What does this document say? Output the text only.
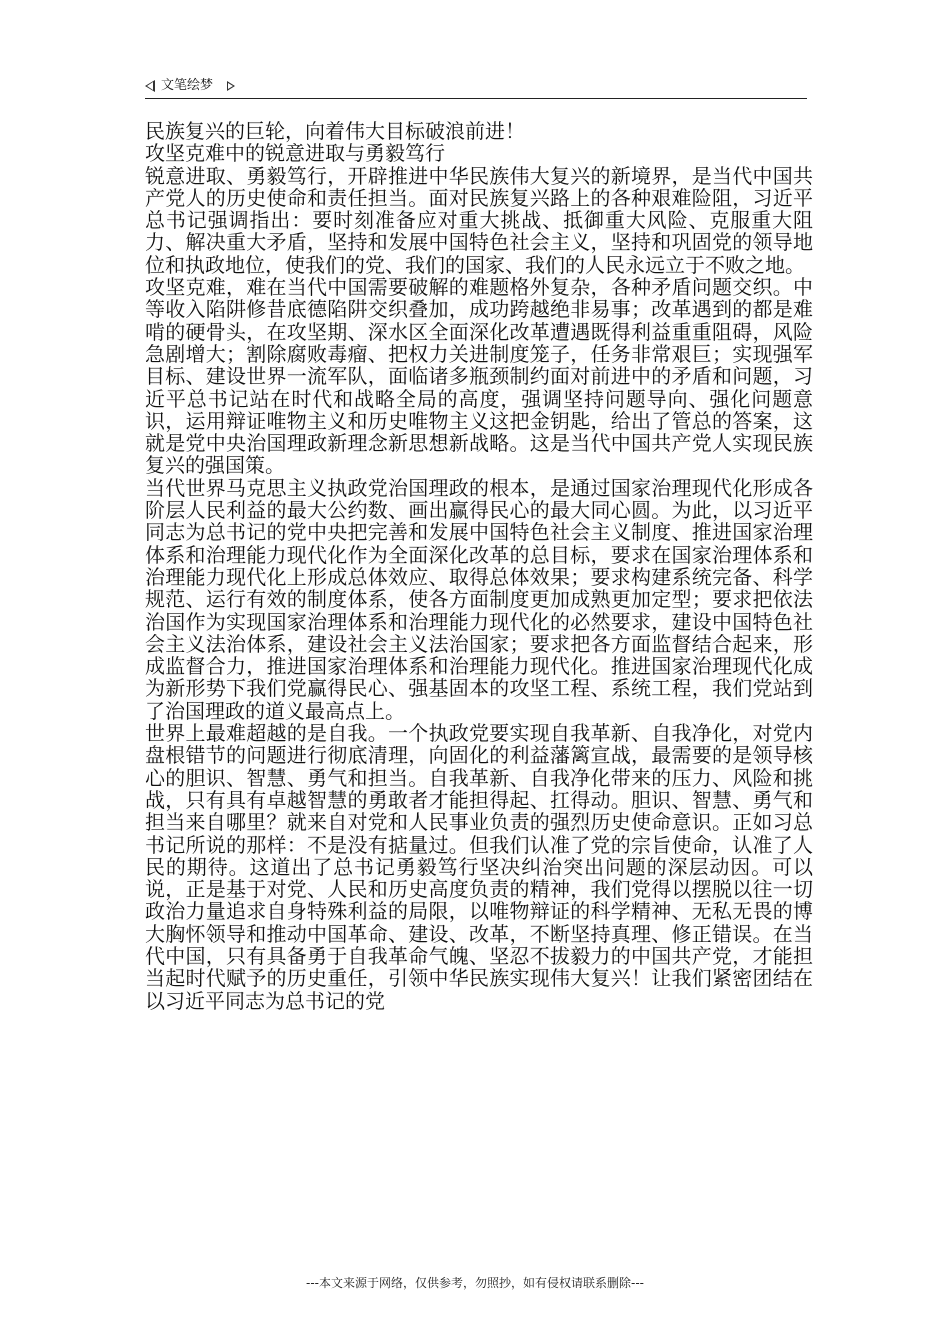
文笔绘梦

民族复兴的巨轮，向着伟大目标破浪前进！

攻坚克难中的锐意进取与勇毅笃行

锐意进取、勇毅笃行，开辟推进中华民族伟大复兴的新境界，是当代中国共产党人的历史使命和责任担当。面对民族复兴路上的各种艰难险阻，习近平总书记强调指出：要时刻准备应对重大挑战、抵御重大风险、克服重大阻力、解决重大矛盾，坚持和发展中国特色社会主义，坚持和巩固党的领导地位和执政地位，使我们的党、我们的国家、我们的人民永远立于不败之地。

攻坚克难，难在当代中国需要破解的难题格外复杂，各种矛盾问题交织。中等收入陷阱修昔底德陷阱交织叠加，成功跨越绝非易事；改革遇到的都是难啃的硬骨头，在攻坚期、深水区全面深化改革遭遇既得利益重重阻碍，风险急剧增大；割除腐败毒瘤、把权力关进制度笼子，任务非常艰巨；实现强军目标、建设世界一流军队，面临诸多瓶颈制约面对前进中的矛盾和问题，习近平总书记站在时代和战略全局的高度，强调坚持问题导向、强化问题意识，运用辩证唯物主义和历史唯物主义这把金钥匙，给出了管总的答案，这就是党中央治国理政新理念新思想新战略。这是当代中国共产党人实现民族复兴的强国策。

当代世界马克思主义执政党治国理政的根本，是通过国家治理现代化形成各阶层人民利益的最大公约数、画出赢得民心的最大同心圆。为此，以习近平同志为总书记的党中央把完善和发展中国特色社会主义制度、推进国家治理体系和治理能力现代化作为全面深化改革的总目标，要求在国家治理体系和治理能力现代化上形成总体效应、取得总体效果；要求构建系统完备、科学规范、运行有效的制度体系，使各方面制度更加成熟更加定型；要求把依法治国作为实现国家治理体系和治理能力现代化的必然要求，建设中国特色社会主义法治体系，建设社会主义法治国家；要求把各方面监督结合起来，形成监督合力，推进国家治理体系和治理能力现代化。推进国家治理现代化成为新形势下我们党赢得民心、强基固本的攻坚工程、系统工程，我们党站到了治国理政的道义最高点上。

世界上最难超越的是自我。一个执政党要实现自我革新、自我净化，对党内盘根错节的问题进行彻底清理，向固化的利益藩篱宣战，最需要的是领导核心的胆识、智慧、勇气和担当。自我革新、自我净化带来的压力、风险和挑战，只有具有卓越智慧的勇敢者才能担得起、扛得动。胆识、智慧、勇气和担当来自哪里？就来自对党和人民事业负责的强烈历史使命意识。正如习总书记所说的那样：不是没有掂量过。但我们认准了党的宗旨使命，认准了人民的期待。这道出了总书记勇毅笃行坚决纠治突出问题的深层动因。可以说，正是基于对党、人民和历史高度负责的精神，我们党得以摆脱以往一切政治力量追求自身特殊利益的局限，以唯物辩证的科学精神、无私无畏的博大胸怀领导和推动中国革命、建设、改革，不断坚持真理、修正错误。在当代中国，只有具备勇于自我革命气魄、坚忍不拔毅力的中国共产党，才能担当起时代赋予的历史重任，引领中华民族实现伟大复兴！让我们紧密团结在以习近平同志为总书记的党

---本文来源于网络，仅供参考，勿照抄，如有侵权请联系删除---
